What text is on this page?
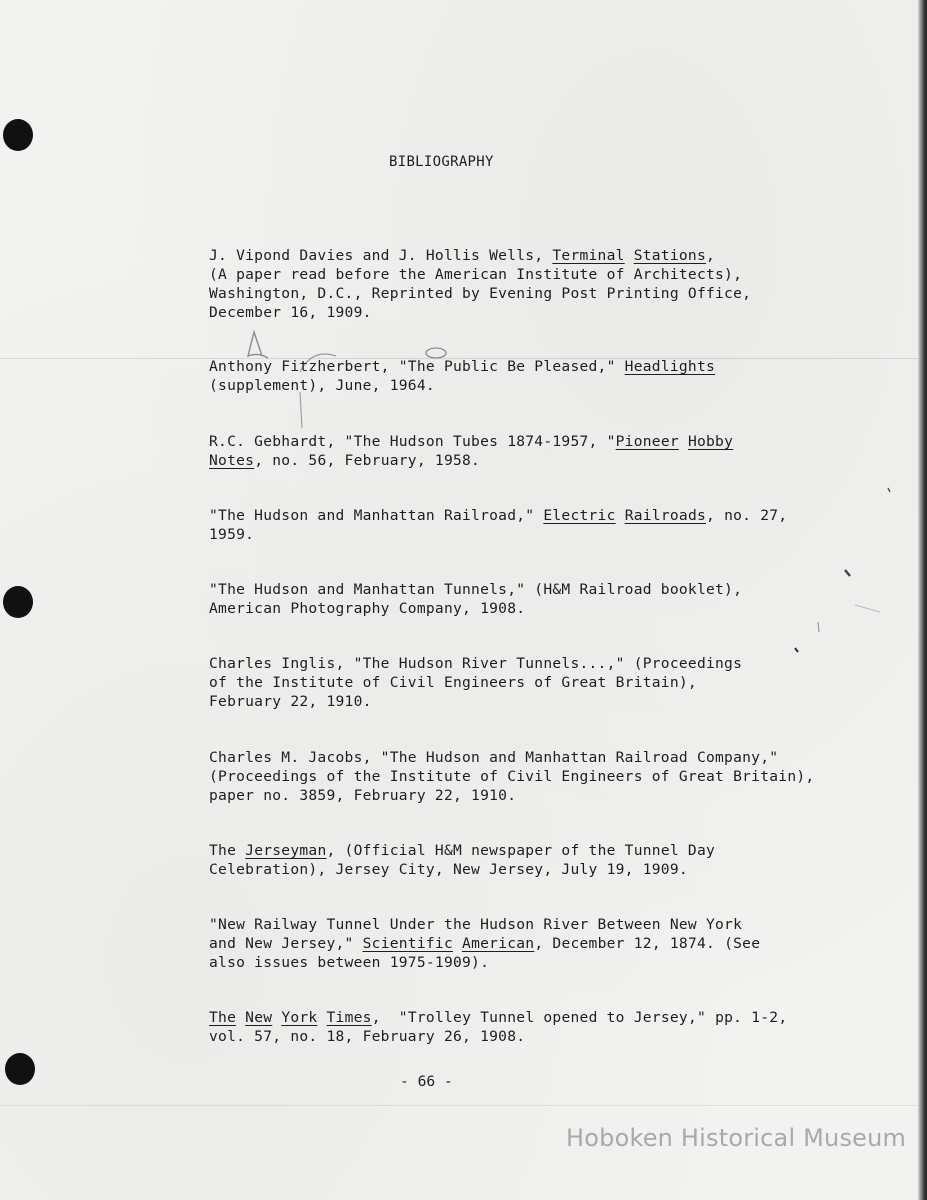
BIBLIOGRAPHY
J. Vipond Davies and J. Hollis Wells, Terminal Stations,
(A paper read before the American Institute of Architects),
Washington, D.C., Reprinted by Evening Post Printing Office,
December 16, 1909.
Anthony Fitzherbert, "The Public Be Pleased," Headlights
(supplement), June, 1964.
R.C. Gebhardt, "The Hudson Tubes 1874-1957, "Pioneer Hobby
Notes, no. 56, February, 1958.
"The Hudson and Manhattan Railroad," Electric Railroads, no. 27,
1959.
"The Hudson and Manhattan Tunnels," (H&M Railroad booklet),
American Photography Company, 1908.
Charles Inglis, "The Hudson River Tunnels...," (Proceedings
of the Institute of Civil Engineers of Great Britain),
February 22, 1910.
Charles M. Jacobs, "The Hudson and Manhattan Railroad Company,"
(Proceedings of the Institute of Civil Engineers of Great Britain),
paper no. 3859, February 22, 1910.
The Jerseyman, (Official H&M newspaper of the Tunnel Day
Celebration), Jersey City, New Jersey, July 19, 1909.
"New Railway Tunnel Under the Hudson River Between New York
and New Jersey," Scientific American, December 12, 1874. (See
also issues between 1975-1909).
The New York Times,  "Trolley Tunnel opened to Jersey," pp. 1-2,
vol. 57, no. 18, February 26, 1908.
- 66 -
Hoboken Historical Museum
